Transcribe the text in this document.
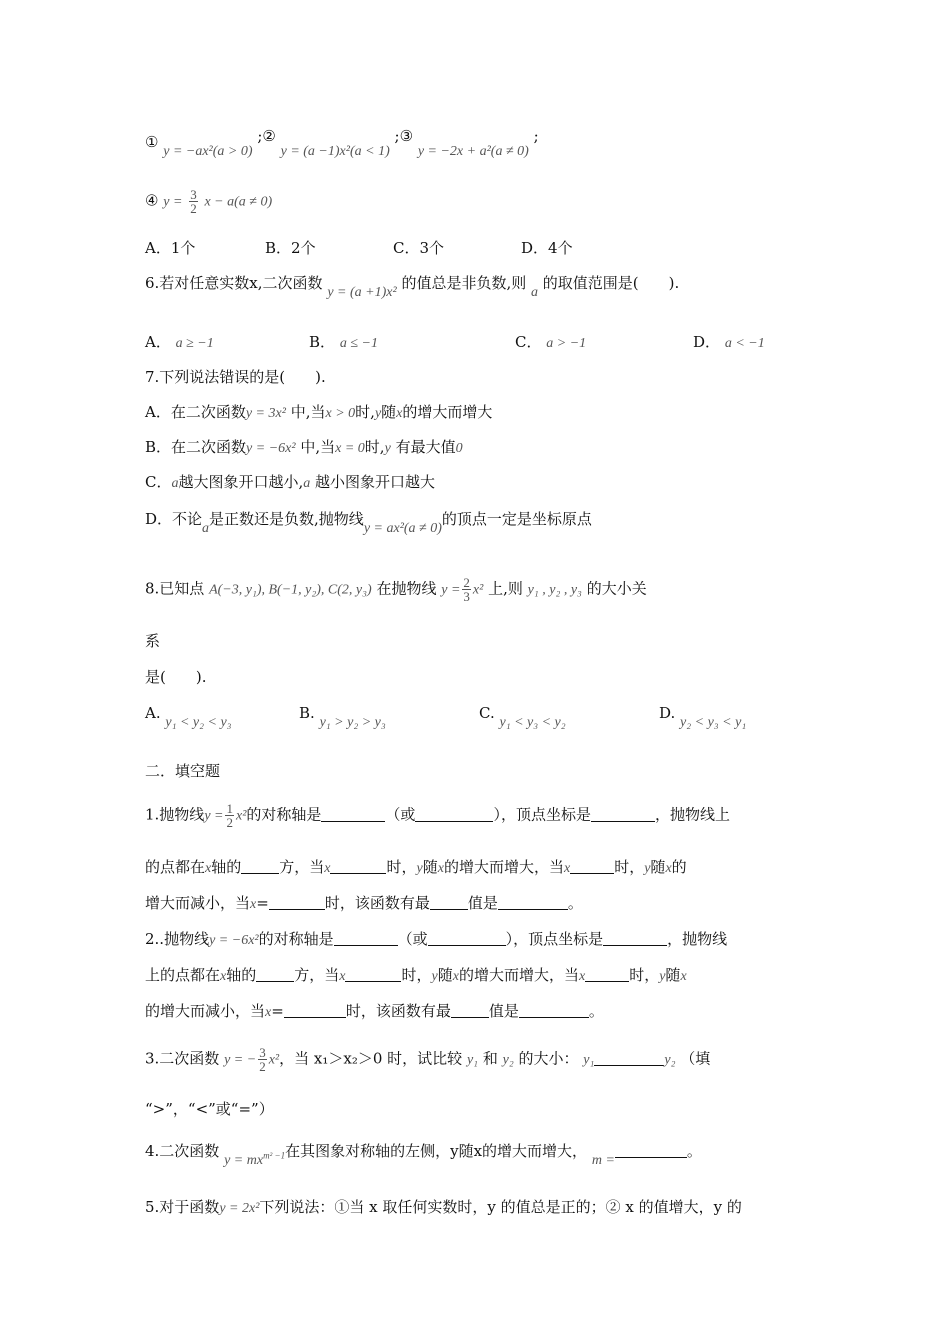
① y = −ax²(a > 0) ;② y = (a −1)x²(a < 1) ;③ y = −2x + a²(a ≠ 0) ;
④ $y = \frac{3}{2}$ x − a(a ≠ 0)
A．1个	B．2个	C．3个	D．4个
6.若对任意实数x,二次函数 y = (a +1)x² 的值总是非负数,则 a 的取值范围是(　　).
A． a ≥ −1	B． a ≤ −1	C． a > −1	D． a < −1
7.下列说法错误的是(　　).
A．在二次函数y = 3x² 中,当x > 0时,y随x的增大而增大
B．在二次函数y = −6x² 中,当x = 0时,y 有最大值0
C．a越大图象开口越小,a 越小图象开口越大
D．不论a是正数还是负数,抛物线y = ax²(a ≠ 0)的顶点一定是坐标原点
8.已知点 A(−3, y₁), B(−1, y₂), C(2, y₃) 在抛物线 $y = \frac{2}{3} x^2$ 上,则 y₁ , y₂ , y₃ 的大小关
系
是(　　).
A. y₁ < y₂ < y₃
B. y₁ > y₂ > y₃
C. y₁ < y₃ < y₂
D. y₂ < y₃ < y₁
二．填空题
1.抛物线$y = \frac{1}{2} x^2$的对称轴是	（或	），顶点坐标是	，抛物线上
的点都在x轴的	方，当x	时，y随x的增大而增大，当x	时，y随x的
增大而减小，当x=	时，该函数有最	值是	。
2..抛物线y = −6x²的对称轴是	（或	），顶点坐标是	，抛物线
上的点都在x轴的	方，当x	时，y随x的增大而增大，当x	时，y随x
的增大而减小，当x=	时，该函数有最	值是	。
3.二次函数 y = − $\frac{3}{2} x^2$，当 x₁＞x₂＞0 时，试比较 y₁ 和 y₂ 的大小： y₁	y₂ （填
“>”，“<”或“=”）
4.二次函数 $y = mx^{m^2 -1}$在其图象对称轴的左侧，y随x的增大而增大， m =。
5.对于函数y = 2x²下列说法：①当 x 取任何实数时，y 的值总是正的；② x 的值增大，y 的
